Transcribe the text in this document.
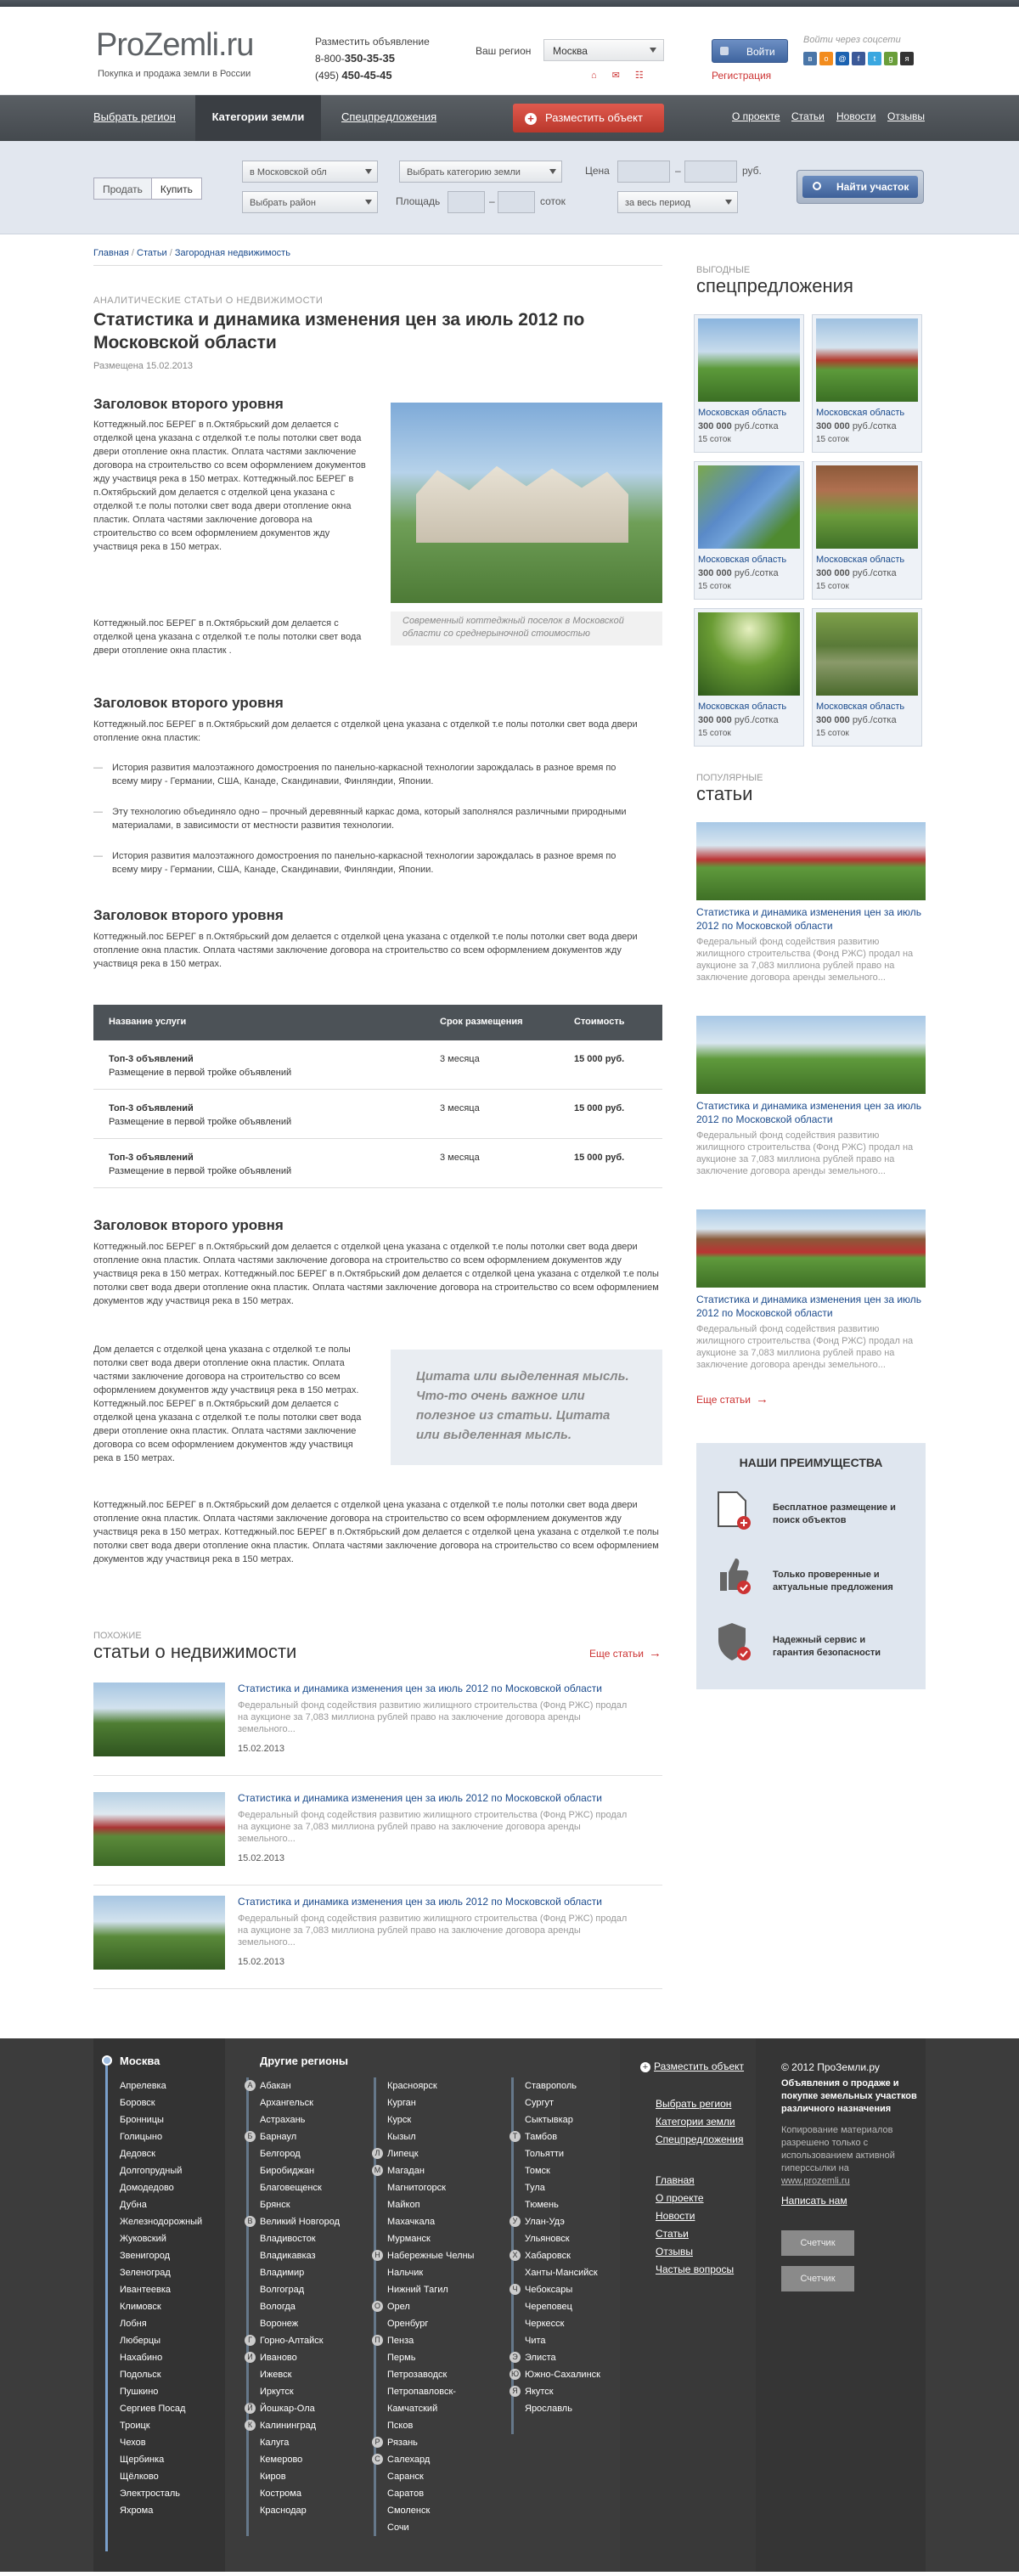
ProZemli.ru
Покупка и продажа земли в России
Разместить объявление
8-800-350-35-35
(495) 450-45-45
Ваш регион	Москва
⌂✉☷
Войти
Регистрация
Войти через соцсети
в	о	@	f	t	g	я
Выбрать регион	Категории земли	Спецпредложения	+ Разместить объект	О проекте Статьи Новости Отзывы
Продать	Купить
в Московской обл	Выбрать категорию земли
Выбрать район
Цена	–	руб.
Площадь	–	соток	за весь период
Найти участок
Главная / Статьи / Загородная недвижимость
АНАЛИТИЧЕСКИЕ СТАТЬИ О НЕДВИЖИМОСТИ
Статистика и динамика изменения цен за июль 2012 по Московской области
Размещена 15.02.2013
Заголовок второго уровня
Коттеджный.пос БЕРЕГ в п.Октябрьский дом делается с отделкой цена указана с отделкой т.е полы потолки свет вода двери отопление окна пластик. Оплата частями заключение договора на строительство со всем оформлением документов жду участвиця река в 150 метрах. Коттеджный.пос БЕРЕГ в п.Октябрьский дом делается с отделкой цена указана с отделкой т.е полы потолки свет вода двери отопление окна пластик. Оплата частями заключение договора на строительство со всем оформлением документов жду участвиця река в 150 метрах.
Коттеджный.пос БЕРЕГ в п.Октябрьский дом делается с отделкой цена указана с отделкой т.е полы потолки свет вода двери отопление окна пластик .
Современный коттеджный поселок в Московской области со среднерыночной стоимостью
Заголовок второго уровня
Коттеджный.пос БЕРЕГ в п.Октябрьский дом делается с отделкой цена указана с отделкой т.е полы потолки свет вода двери отопление окна пластик:
— История развития малоэтажного домостроения по панельно-каркасной технологии зарождалась в разное время по всему миру - Германии, США, Канаде, Скандинавии, Финляндии, Японии.
— Эту технологию объединяло одно – прочный деревянный каркас дома, который заполнялся различными природными материалами, в зависимости от местности развития технологии.
— История развития малоэтажного домостроения по панельно-каркасной технологии зарождалась в разное время по всему миру - Германии, США, Канаде, Скандинавии, Финляндии, Японии.
Заголовок второго уровня
Коттеджный.пос БЕРЕГ в п.Октябрьский дом делается с отделкой цена указана с отделкой т.е полы потолки свет вода двери отопление окна пластик. Оплата частями заключение договора на строительство со всем оформлением документов жду участвиця река в 150 метрах.
Название услуги	Срок размещения	Стоимость
Топ-3 объявлений
Размещение в первой тройке объявлений
3 месяца	15 000 руб.
Топ-3 объявлений
Размещение в первой тройке объявлений
3 месяца	15 000 руб.
Топ-3 объявлений
Размещение в первой тройке объявлений
3 месяца	15 000 руб.
Заголовок второго уровня
Коттеджный.пос БЕРЕГ в п.Октябрьский дом делается с отделкой цена указана с отделкой т.е полы потолки свет вода двери отопление окна пластик. Оплата частями заключение договора на строительство со всем оформлением документов жду участвиця река в 150 метрах. Коттеджный.пос БЕРЕГ в п.Октябрьский дом делается с отделкой цена указана с отделкой т.е полы потолки свет вода двери отопление окна пластик. Оплата частями заключение договора на строительство со всем оформлением документов жду участвиця река в 150 метрах.
Дом делается с отделкой цена указана с отделкой т.е полы потолки свет вода двери отопление окна пластик. Оплата частями заключение договора на строительство со всем оформлением документов жду участвиця река в 150 метрах. Коттеджный.пос БЕРЕГ в п.Октябрьский дом делается с отделкой цена указана с отделкой т.е полы потолки свет вода двери отопление окна пластик. Оплата частями заключение договора со всем оформлением документов жду участвиця река в 150 метрах.
Цитата или выделенная мысль. Что-то очень важное или полезное из статьи. Цитата или выделенная мысль.
Коттеджный.пос БЕРЕГ в п.Октябрьский дом делается с отделкой цена указана с отделкой т.е полы потолки свет вода двери отопление окна пластик. Оплата частями заключение договора на строительство со всем оформлением документов жду участвиця река в 150 метрах. Коттеджный.пос БЕРЕГ в п.Октябрьский дом делается с отделкой цена указана с отделкой т.е полы потолки свет вода двери отопление окна пластик. Оплата частями заключение договора на строительство со всем оформлением документов жду участвиця река в 150 метрах.
ПОХОЖИЕ
статьи о недвижимости	Еще статьи →
Статистика и динамика изменения цен за июль 2012 по Московской области
Федеральный фонд содействия развитию жилищного строительства (Фонд РЖС) продал на аукционе за 7,083 миллиона рублей право на заключение договора аренды земельного...
15.02.2013
Статистика и динамика изменения цен за июль 2012 по Московской области
Федеральный фонд содействия развитию жилищного строительства (Фонд РЖС) продал на аукционе за 7,083 миллиона рублей право на заключение договора аренды земельного...
15.02.2013
Статистика и динамика изменения цен за июль 2012 по Московской области
Федеральный фонд содействия развитию жилищного строительства (Фонд РЖС) продал на аукционе за 7,083 миллиона рублей право на заключение договора аренды земельного...
15.02.2013
ВЫГОДНЫЕ
спецпредложения
Московская область
300 000 руб./сотка
15 соток
Московская область
300 000 руб./сотка
15 соток
Московская область
300 000 руб./сотка
15 соток
Московская область
300 000 руб./сотка
15 соток
Московская область
300 000 руб./сотка
15 соток
Московская область
300 000 руб./сотка
15 соток
ПОПУЛЯРНЫЕ
статьи
Статистика и динамика изменения цен за июль 2012 по Московской области
Федеральный фонд содействия развитию жилищного строительства (Фонд РЖС) продал на аукционе за 7,083 миллиона рублей право на заключение договора аренды земельного...
Статистика и динамика изменения цен за июль 2012 по Московской области
Федеральный фонд содействия развитию жилищного строительства (Фонд РЖС) продал на аукционе за 7,083 миллиона рублей право на заключение договора аренды земельного...
Статистика и динамика изменения цен за июль 2012 по Московской области
Федеральный фонд содействия развитию жилищного строительства (Фонд РЖС) продал на аукционе за 7,083 миллиона рублей право на заключение договора аренды земельного...
Еще статьи →
НАШИ ПРЕИМУЩЕСТВА
Бесплатное размещение и поиск объектов
Только проверенные и актуальные предложения
Надежный сервис и гарантия безопасности
Москва
Апрелевка
Боровск
Бронницы
Голицыно
Дедовск
Долгопрудный
Домодедово
Дубна
Железнодорожный
Жуковский
Звенигород
Зеленоград
Ивантеевка
Климовск
Лобня
Люберцы
Нахабино
Подольск
Пушкино
Сергиев Посад
Троицк
Чехов
Щербинка
Щёлково
Электросталь
Яхрома
Другие регионы
А Абакан
Архангельск
Астрахань
Б Барнаул
Белгород
Биробиджан
Благовещенск
Брянск
В Великий Новгород
Владивосток
Владикавказ
Владимир
Волгоград
Вологда
Воронеж
Г Горно-Алтайск
И Иваново
Ижевск
Иркутск
Й Йошкар-Ола
К Калининград
Калуга
Кемерово
Киров
Кострома
Краснодар
Красноярск
Курган
Курск
Кызыл
Л Липецк
М Магадан
Магнитогорск
Майкоп
Махачкала
Мурманск
Н Набережные Челны
Нальчик
Нижний Тагил
О Орел
Оренбург
П Пенза
Пермь
Петрозаводск
Петропавловск-
Камчатский
Псков
Р Рязань
С Салехард
Саранск
Саратов
Смоленск
Сочи
Ставрополь
Сургут
Сыктывкар
Т Тамбов
Тольятти
Томск
Тула
Тюмень
У Улан-Удэ
Ульяновск
Х Хабаровск
Ханты-Мансийск
Ч Чебоксары
Череповец
Черкесск
Чита
Э Элиста
Ю Южно-Сахалинск
Я Якутск
Ярославль
+ Разместить объект
Выбрать регион
Категории земли
Спецпредложения
Главная
О проекте
Новости
Статьи
Отзывы
Частые вопросы
© 2012 ПроЗемли.ру
Объявления о продаже и покупке земельных участков различного назначения
Копирование материалов разрешено только с использованием активной гиперссылки на
www.prozemli.ru
Написать нам
Счетчик
Счетчик
